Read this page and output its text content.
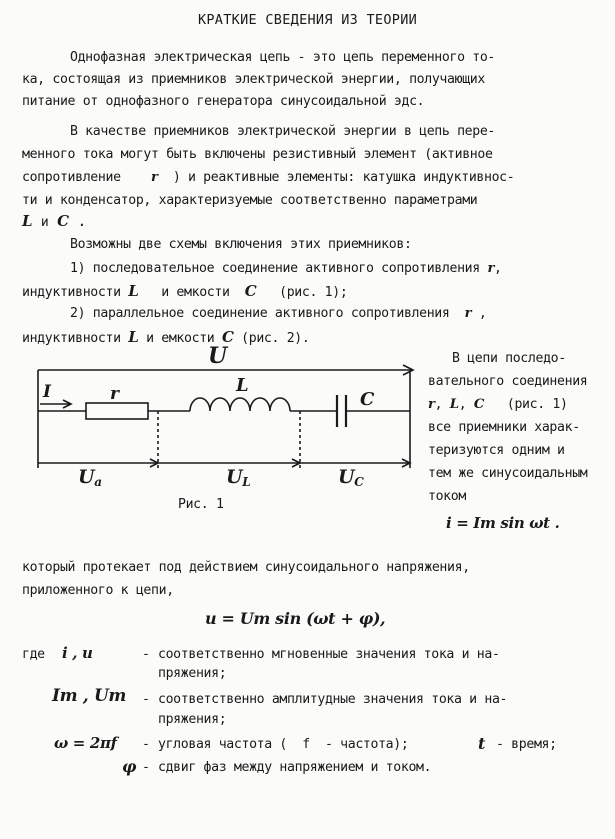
КРАТКИЕ СВЕДЕНИЯ ИЗ ТЕОРИИ
Однофазная электрическая цепь - это цепь переменного то-
ка, состоящая из приемников электрической энергии, получающих
питание от однофазного генератора синусоидальной эдс.
В качестве приемников электрической энергии в цепь пере-
менного тока могут быть включены резистивный элемент (активное
сопротивление r ) и реактивные элементы: катушка индуктивнос-
ти и конденсатор, характеризуемые соответственно параметрами
L и C .
Возможны две схемы включения этих приемников:
1) последовательное соединение активного сопротивления r,
индуктивности L и емкости C (рис. 1);
2) параллельное соединение активного сопротивления r ,
индуктивности L и емкости C (рис. 2).
U
I	r	L
C
Ua	UL	UC
Рис. 1
В цепи последо-
вательного соединения
r, L, C (рис. 1)
все приемники харак-
теризуются одним и
тем же синусоидальным
током
i = Im sin ωt .
который протекает под действием синусоидального напряжения,
приложенного к цепи,
u = Um sin (ωt + φ),
где i , u	- соответственно мгновенные значения тока и на-
пряжения;
Im , Um - соответственно амплитудные значения тока и на-
пряжения;
ω = 2πf - угловая частота (  f  - частота);	t - время;
φ - сдвиг фаз между напряжением и током.
